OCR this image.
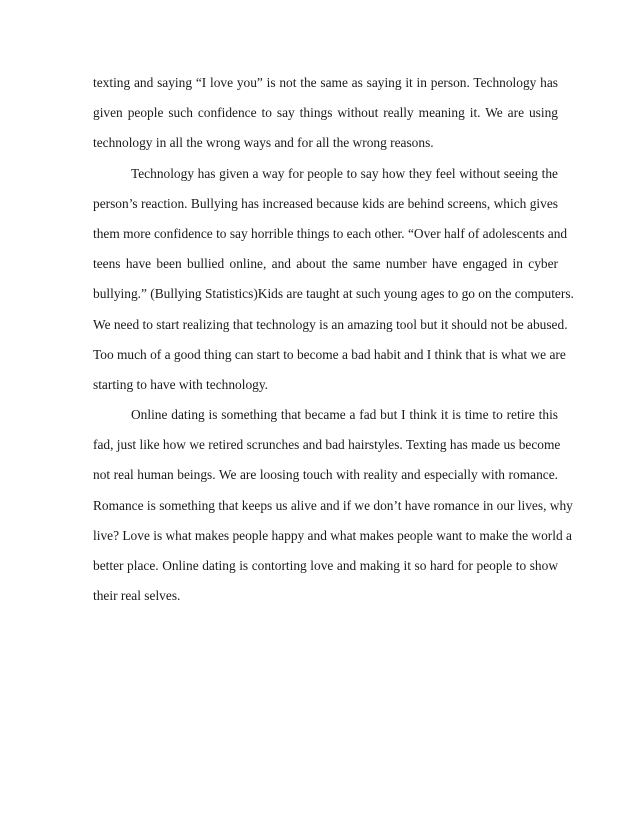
texting and saying “I love you” is not the same as saying it in person. Technology has
given people such confidence to say things without really meaning it. We are using
technology in all the wrong ways and for all the wrong reasons.
Technology has given a way for people to say how they feel without seeing the
person’s reaction. Bullying has increased because kids are behind screens, which gives
them more confidence to say horrible things to each other. “Over half of adolescents and
teens have been bullied online, and about the same number have engaged in cyber
bullying.” (Bullying Statistics)Kids are taught at such young ages to go on the computers.
We need to start realizing that technology is an amazing tool but it should not be abused.
Too much of a good thing can start to become a bad habit and I think that is what we are
starting to have with technology.
Online dating is something that became a fad but I think it is time to retire this
fad, just like how we retired scrunches and bad hairstyles. Texting has made us become
not real human beings. We are loosing touch with reality and especially with romance.
Romance is something that keeps us alive and if we don’t have romance in our lives, why
live? Love is what makes people happy and what makes people want to make the world a
better place. Online dating is contorting love and making it so hard for people to show
their real selves.
